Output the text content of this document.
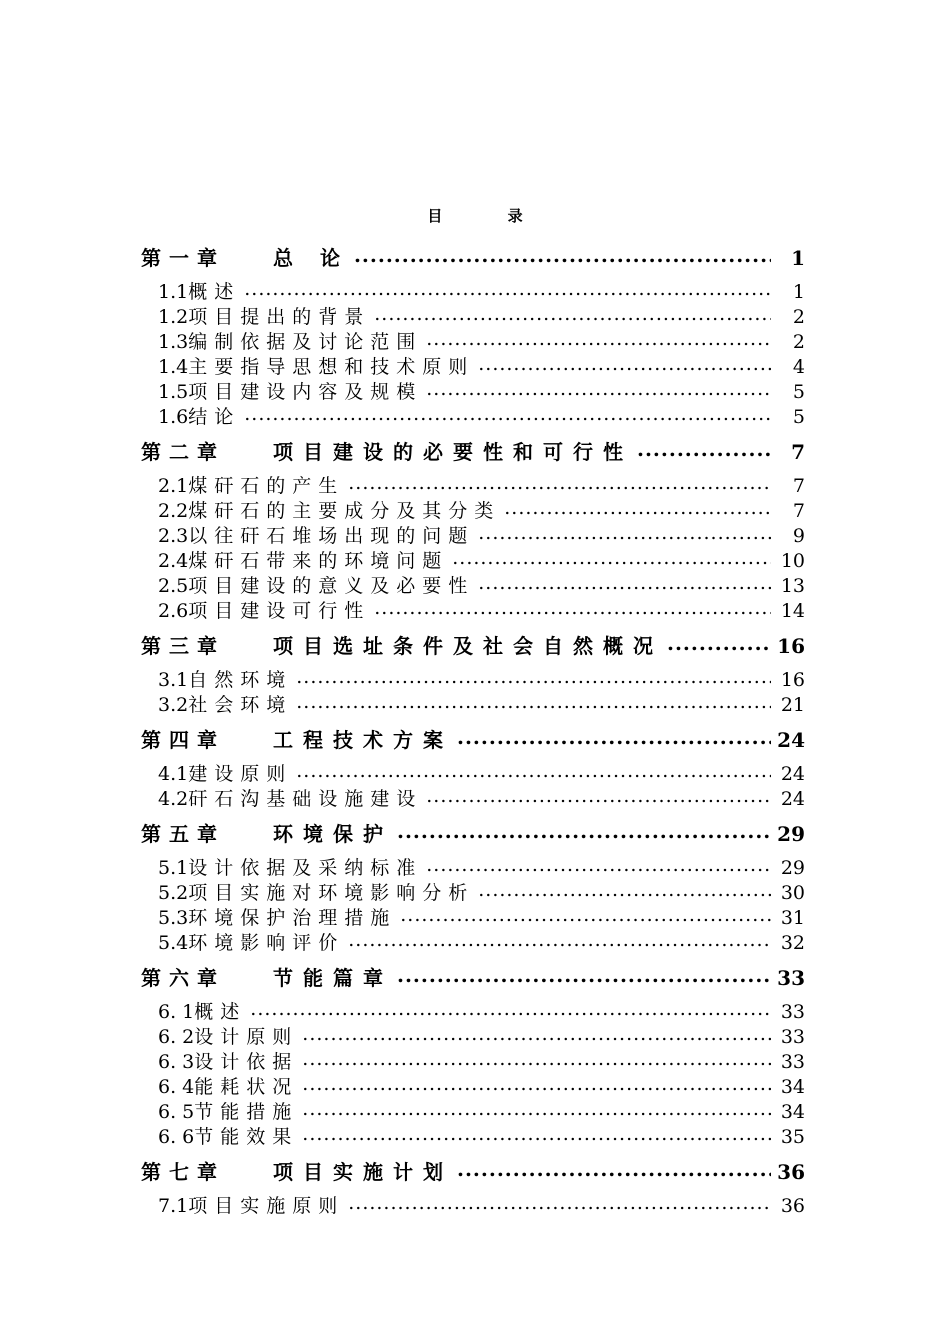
目 录
第一章	总 论 .....	1
1.1 概述 .....	1
1.2 项目提出的背景 .....	2
1.3 编制依据及讨论范围 .....	2
1.4 主要指导思想和技术原则 .....	4
1.5 项目建设内容及规模 .....	5
1.6 结论 .....	5
第二章	项目建设的必要性和可行性 .....	7
2.1 煤矸石的产生 .....	7
2.2 煤矸石的主要成分及其分类 .....	7
2.3 以往矸石堆场出现的问题 .....	9
2.4 煤矸石带来的环境问题 .....	10
2.5 项目建设的意义及必要性 .....	13
2.6 项目建设可行性 .....	14
第三章	项目选址条件及社会自然概况 .....	16
3.1 自然环境 .....	16
3.2 社会环境 .....	21
第四章	工程技术方案 .....	24
4.1 建设原则 .....	24
4.2 矸石沟基础设施建设 .....	24
第五章	环境保护 .....	29
5.1 设计依据及采纳标准 .....	29
5.2 项目实施对环境影响分析 .....	30
5.3 环境保护治理措施 .....	31
5.4 环境影响评价 .....	32
第六章	节能篇章 .....	33
6. 1 概述 .....	33
6. 2 设计原则 .....	33
6. 3 设计依据 .....	33
6. 4 能耗状况 .....	34
6. 5 节能措施 .....	34
6. 6 节能效果 .....	35
第七章	项目实施计划 .....	36
7.1 项目实施原则 .....	36
